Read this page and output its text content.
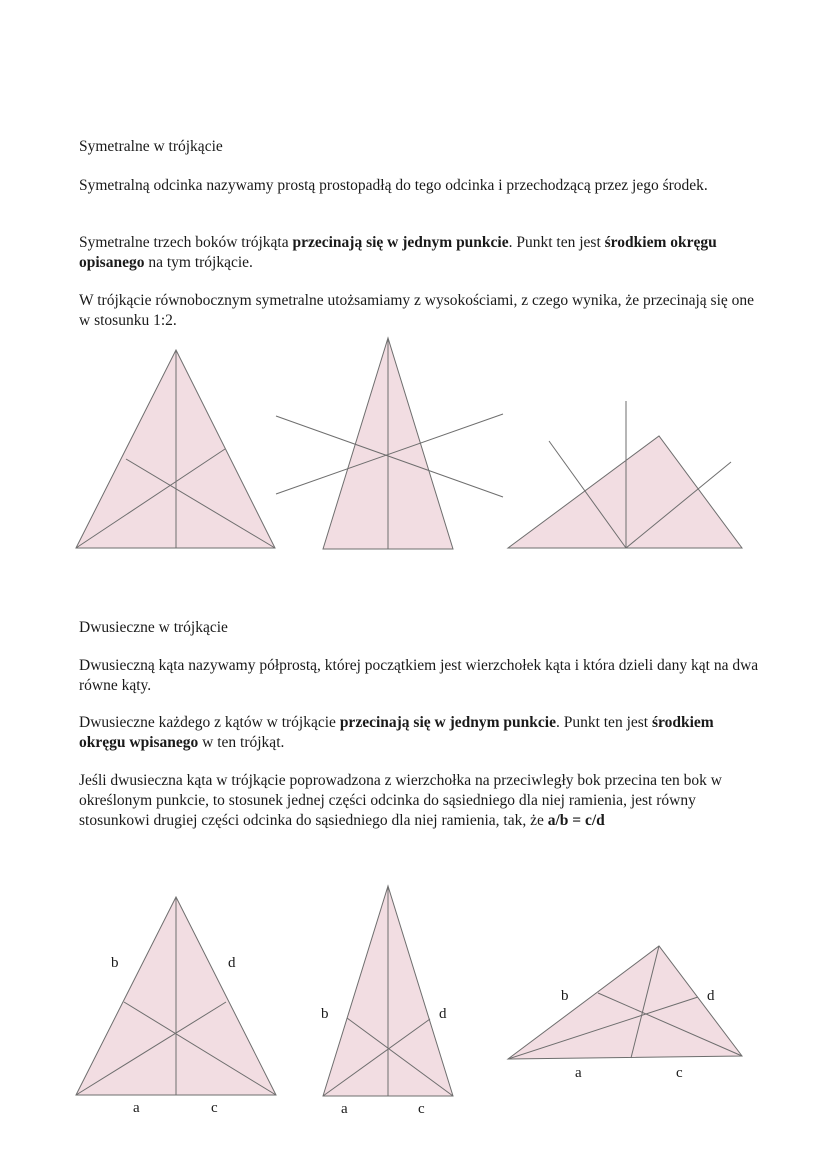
Symetralne w trójkącie

Symetralną odcinka nazywamy prostą prostopadłą do tego odcinka i przechodzącą przez jego środek.

Symetralne trzech boków trójkąta przecinają się w jednym punkcie. Punkt ten jest środkiem okręgu opisanego na tym trójkącie.

W trójkącie równobocznym symetralne utożsamiamy z wysokościami, z czego wynika, że przecinają się one w stosunku 1:2.

Dwusieczne w trójkącie

Dwusieczną kąta nazywamy półprostą, której początkiem jest wierzchołek kąta i która dzieli dany kąt na dwa równe kąty.

Dwusieczne każdego z kątów w trójkącie przecinają się w jednym punkcie. Punkt ten jest środkiem okręgu wpisanego w ten trójkąt.

Jeśli dwusieczna kąta w trójkącie poprowadzona z wierzchołka na przeciwległy bok przecina ten bok w określonym punkcie, to stosunek jednej części odcinka do sąsiedniego dla niej ramienia, jest równy stosunkowi drugiej części odcinka do sąsiedniego dla niej ramienia, tak, że a/b = c/d

b	d
a	c
b	d
a	c
b	d
a	c
